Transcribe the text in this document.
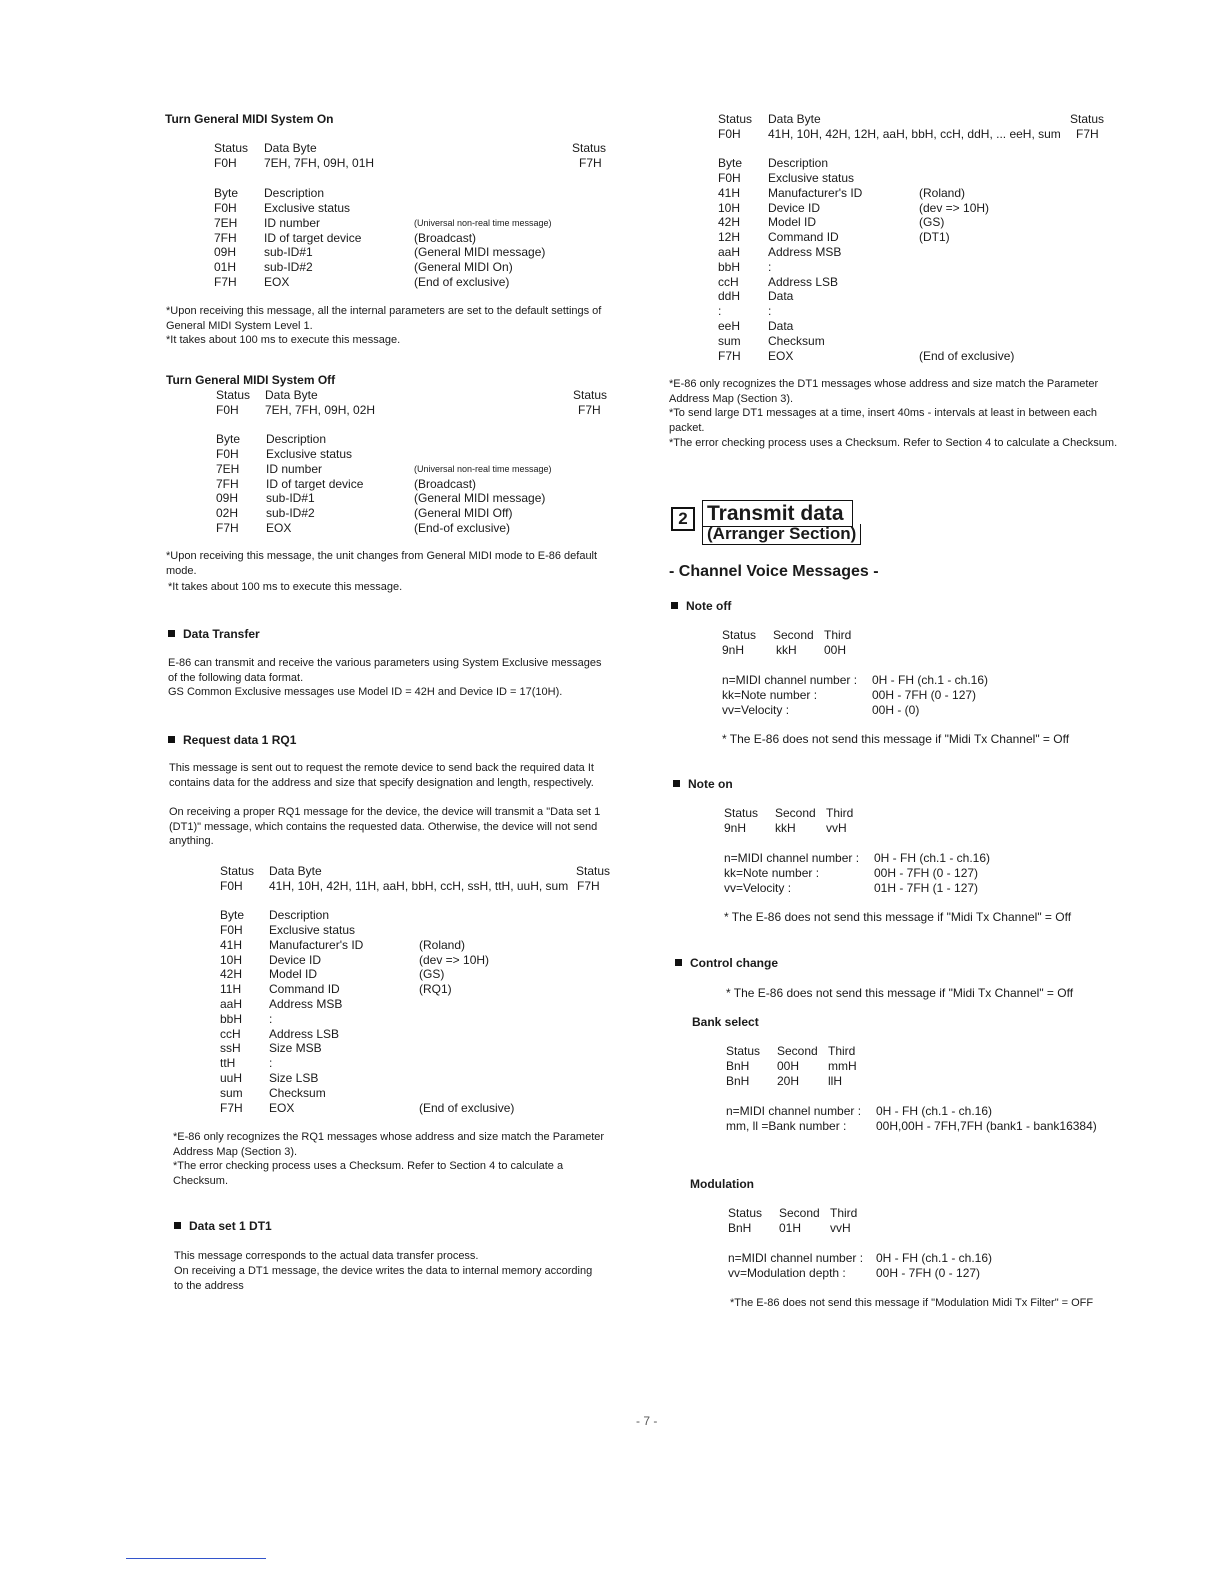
Turn General MIDI System On
Status Data Byte	Status
F0H 7EH, 7FH, 09H, 01H	F7H
Byte Description
F0H Exclusive status
7EH ID number	(Universal non-real time message)
7FH ID of target device	(Broadcast)
09H sub-ID#1	(General MIDI message)
01H sub-ID#2	(General MIDI On)
F7H EOX	(End of exclusive)
*Upon receiving this message, all the internal parameters are set to the default settings of General MIDI System Level 1.
*It takes about 100 ms to execute this message.
Turn General MIDI System Off
Status Data Byte	Status
F0H 7EH, 7FH, 09H, 02H	F7H
Byte Description
F0H Exclusive status
7EH ID number	(Universal non-real time message)
7FH ID of target device	(Broadcast)
09H sub-ID#1	(General MIDI message)
02H sub-ID#2	(General MIDI Off)
F7H EOX	(End-of exclusive)
*Upon receiving this message, the unit changes from General MIDI mode to E-86 default mode.
*It takes about 100 ms to execute this message.
Data Transfer
E-86 can transmit and receive the various parameters using System Exclusive messages of the following data format.
GS Common Exclusive messages use Model ID = 42H and Device ID = 17(10H).
Request data 1 RQ1
This message is sent out to request the remote device to send back the required data It contains data for the address and size that specify designation and length, respectively.
On receiving a proper RQ1 message for the device, the device will transmit a "Data set 1 (DT1)" message, which contains the requested data. Otherwise, the device will not send anything.
Status Data Byte	Status
F0H 41H, 10H, 42H, 11H, aaH, bbH, ccH, ssH, ttH, uuH, sum F7H
Byte Description
F0H Exclusive status
41H Manufacturer's ID	(Roland)
10H Device ID	(dev => 10H)
42H Model ID	(GS)
11H Command ID	(RQ1)
aaH Address MSB
bbH :
ccH Address LSB
ssH Size MSB
ttH	:
uuH Size LSB
sum Checksum
F7H EOX	(End of exclusive)
*E-86 only recognizes the RQ1 messages whose address and size match the Parameter Address Map (Section 3).
*The error checking process uses a Checksum. Refer to Section 4 to calculate a Checksum.
Data set 1 DT1
This message corresponds to the actual data transfer process.
On receiving a DT1 message, the device writes the data to internal memory according to the address
Status Data Byte	Status
F0H 41H, 10H, 42H, 12H, aaH, bbH, ccH, ddH, ... eeH, sum F7H
Byte Description
F0H Exclusive status
41H Manufacturer's ID	(Roland)
10H Device ID	(dev => 10H)
42H Model ID	(GS)
12H Command ID	(DT1)
aaH Address MSB
bbH :
ccH Address LSB
ddH Data
:	:
eeH Data
sum Checksum
F7H EOX	(End of exclusive)
*E-86 only recognizes the DT1 messages whose address and size match the Parameter Address Map (Section 3).
*To send large DT1 messages at a time, insert 40ms - intervals at least in between each packet.
*The error checking process uses a Checksum. Refer to Section 4 to calculate a Checksum.
2 Transmit data
(Arranger Section)
- Channel Voice Messages -
Note off
Status Second Third
9nH	kkH 00H
n=MIDI channel number : 0H - FH (ch.1 - ch.16)
kk=Note number :	00H - 7FH (0 - 127)
vv=Velocity :	00H - (0)
* The E-86 does not send this message if "Midi Tx Channel" = Off
Note on
Status Second Third
9nH kkH	vvH
n=MIDI channel number : 0H - FH (ch.1 - ch.16)
kk=Note number :	00H - 7FH (0 - 127)
vv=Velocity :	01H - 7FH (1 - 127)
* The E-86 does not send this message if "Midi Tx Channel" = Off
Control change
* The E-86 does not send this message if "Midi Tx Channel" = Off
Bank select
Status Second Third
BnH 00H mmH
BnH 20H llH
n=MIDI channel number : 0H - FH (ch.1 - ch.16)
mm, ll =Bank number : 00H,00H - 7FH,7FH (bank1 - bank16384)
Modulation
Status Second Third
BnH 01H vvH
n=MIDI channel number : 0H - FH (ch.1 - ch.16)
vv=Modulation depth :	00H - 7FH (0 - 127)
*The E-86 does not send this message if "Modulation Midi Tx Filter" = OFF
- 7 -
